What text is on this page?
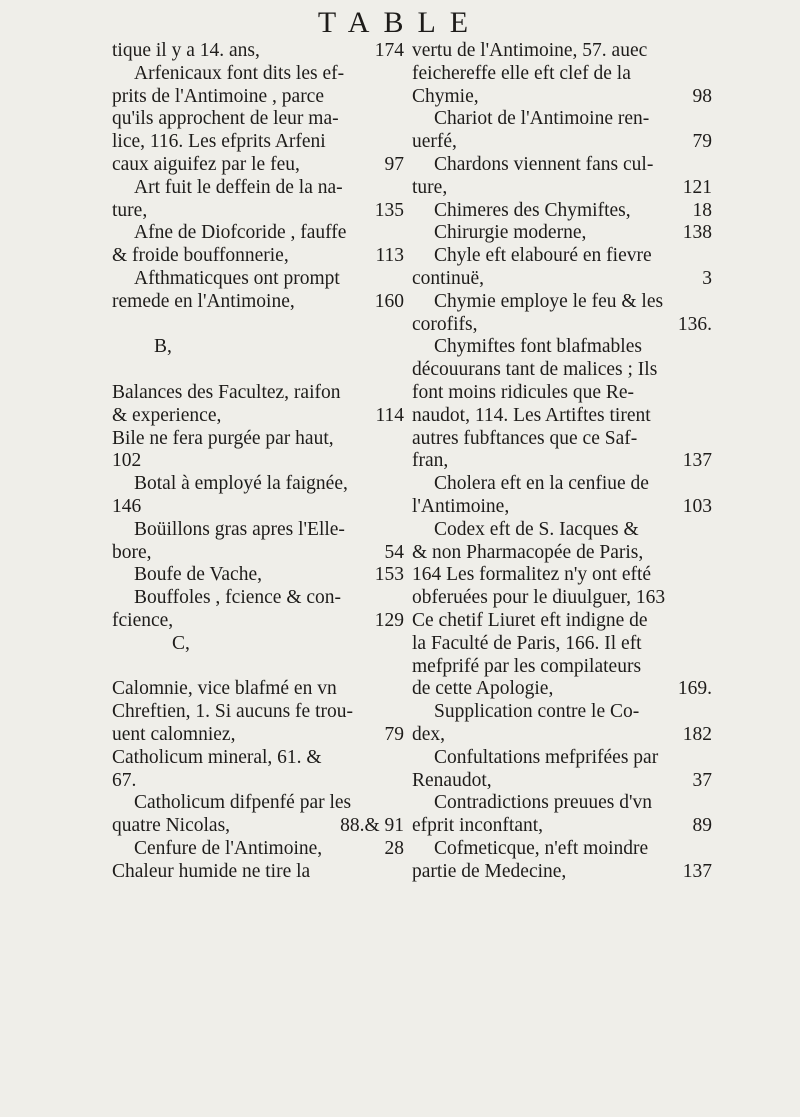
TABLE
tique il y a 14. ans,	174
Arfenicaux font dits les ef-
prits de l'Antimoine , parce
qu'ils approchent de leur ma-
lice, 116. Les efprits Arfeni
caux aiguifez par le feu,	97
Art fuit le deffein de la na-
ture,	135
Afne de Diofcoride , fauffe
& froide bouffonnerie,	113
Afthmaticques ont prompt
remede en l'Antimoine,	160
B,
Balances des Facultez, raifon
& experience,	114
Bile ne fera purgée par haut,
102
Botal à employé la faignée,
146
Boüillons gras apres l'Elle-
bore,	54
Boufe de Vache,	153
Bouffoles , fcience & con-
fcience,	129
C,
Calomnie, vice blafmé en vn
Chreftien, 1. Si aucuns fe trou-
uent calomniez,	79
Catholicum mineral, 61. &
67.
Catholicum difpenfé par les
quatre Nicolas,	88.& 91
Cenfure de l'Antimoine,	28
Chaleur humide ne tire la
vertu de l'Antimoine, 57. auec
feichereffe elle eft clef de la
Chymie,	98
Chariot de l'Antimoine ren-
uerfé,	79
Chardons viennent fans cul-
ture,	121
Chimeres des Chymiftes,	18
Chirurgie moderne,	138
Chyle eft elabouré en fievre
continuë,	3
Chymie employe le feu & les
corofifs,	136.
Chymiftes font blafmables
découurans tant de malices ; Ils
font moins ridicules que Re-
naudot, 114. Les Artiftes tirent
autres fubftances que ce Saf-
fran,	137
Cholera eft en la cenfiue de
l'Antimoine,	103
Codex eft de S. Iacques &
& non Pharmacopée de Paris,
164 Les formalitez n'y ont efté
obferuées pour le diuulguer, 163
Ce chetif Liuret eft indigne de
la Faculté de Paris, 166. Il eft
mefprifé par les compilateurs
de cette Apologie,	169.
Supplication contre le Co-
dex,	182
Confultations mefprifées par
Renaudot,	37
Contradictions preuues d'vn
efprit inconftant,	89
Cofmeticque, n'eft moindre
partie de Medecine,	137
